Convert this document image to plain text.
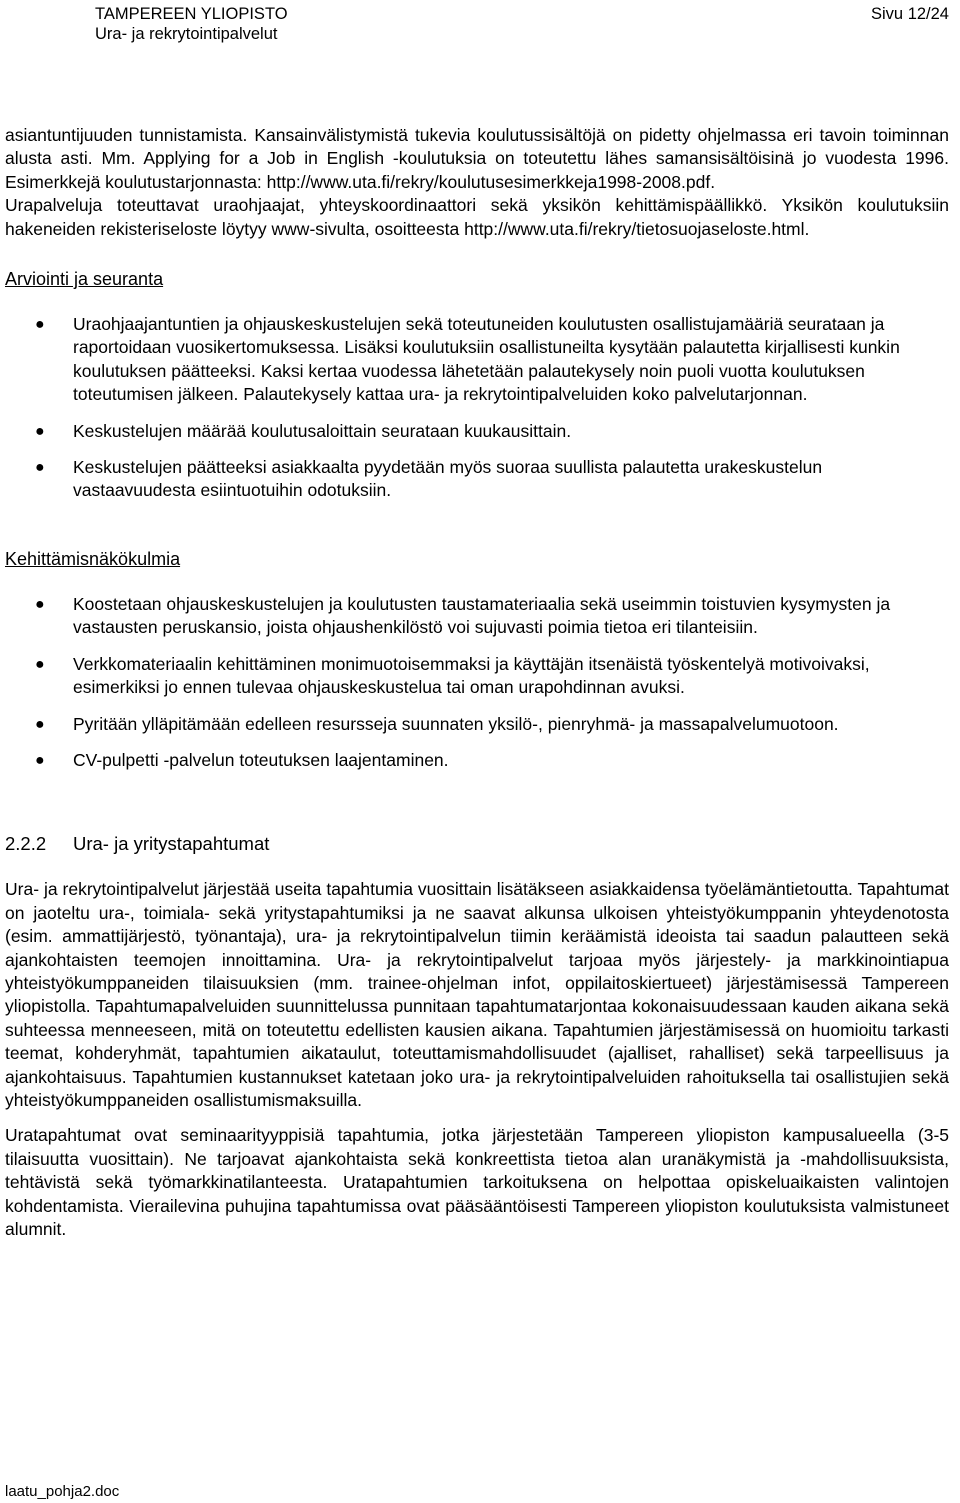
TAMPEREEN YLIOPISTO
Ura- ja rekrytointipalvelut
Sivu 12/24

asiantuntijuuden tunnistamista. Kansainvälistymistä tukevia koulutussisältöjä on pidetty ohjelmassa eri tavoin toiminnan alusta asti. Mm. Applying for a Job in English -koulutuksia on toteutettu lähes samansisältöisinä jo vuodesta 1996. Esimerkkejä koulutustarjonnasta: http://www.uta.fi/rekry/koulutusesimerkkeja1998-2008.pdf.

Urapalveluja toteuttavat uraohjaajat, yhteyskoordinaattori sekä yksikön kehittämispäällikkö. Yksikön koulutuksiin hakeneiden rekisteriseloste löytyy www-sivulta, osoitteesta http://www.uta.fi/rekry/tietosuojaseloste.html.

Arviointi ja seuranta
● Uraohjaajantuntien ja ohjauskeskustelujen sekä toteutuneiden koulutusten osallistujamääriä seurataan ja raportoidaan vuosikertomuksessa. Lisäksi koulutuksiin osallistuneilta kysytään palautetta kirjallisesti kunkin koulutuksen päätteeksi. Kaksi kertaa vuodessa lähetetään palautekysely noin puoli vuotta koulutuksen toteutumisen jälkeen. Palautekysely kattaa ura- ja rekrytointipalveluiden koko palvelutarjonnan.
● Keskustelujen määrää koulutusaloittain seurataan kuukausittain.
● Keskustelujen päätteeksi asiakkaalta pyydetään myös suoraa suullista palautetta urakeskustelun vastaavuudesta esiintuotuihin odotuksiin.
Kehittämisnäkökulmia
● Koostetaan ohjauskeskustelujen ja koulutusten taustamateriaalia sekä useimmin toistuvien kysymysten ja vastausten peruskansio, joista ohjaushenkilöstö voi sujuvasti poimia tietoa eri tilanteisiin.
● Verkkomateriaalin kehittäminen monimuotoisemmaksi ja käyttäjän itsenäistä työskentelyä motivoivaksi, esimerkiksi jo ennen tulevaa ohjauskeskustelua tai oman urapohdinnan avuksi.
● Pyritään ylläpitämään edelleen resursseja suunnaten yksilö-, pienryhmä- ja massapalvelumuotoon.
● CV-pulpetti -palvelun toteutuksen laajentaminen.
2.2.2 Ura- ja yritystapahtumat

Ura- ja rekrytointipalvelut järjestää useita tapahtumia vuosittain lisätäkseen asiakkaidensa työelämäntietoutta. Tapahtumat on jaoteltu ura-, toimiala- sekä yritystapahtumiksi ja ne saavat alkunsa ulkoisen yhteistyökumppanin yhteydenotosta (esim. ammattijärjestö, työnantaja), ura- ja rekrytointipalvelun tiimin keräämistä ideoista tai saadun palautteen sekä ajankohtaisten teemojen innoittamina. Ura- ja rekrytointipalvelut tarjoaa myös järjestely- ja markkinointiapua yhteistyökumppaneiden tilaisuuksien (mm. trainee-ohjelman infot, oppilaitoskiertueet) järjestämisessä Tampereen yliopistolla. Tapahtumapalveluiden suunnittelussa punnitaan tapahtumatarjontaa kokonaisuudessaan kauden aikana sekä suhteessa menneeseen, mitä on toteutettu edellisten kausien aikana. Tapahtumien järjestämisessä on huomioitu tarkasti teemat, kohderyhmät, tapahtumien aikataulut, toteuttamismahdollisuudet (ajalliset, rahalliset) sekä tarpeellisuus ja ajankohtaisuus. Tapahtumien kustannukset katetaan joko ura- ja rekrytointipalveluiden rahoituksella tai osallistujien sekä yhteistyökumppaneiden osallistumismaksuilla.

Uratapahtumat ovat seminaarityyppisiä tapahtumia, jotka järjestetään Tampereen yliopiston kampusalueella (3-5 tilaisuutta vuosittain). Ne tarjoavat ajankohtaista sekä konkreettista tietoa alan uranäkymistä ja -mahdollisuuksista, tehtävistä sekä työmarkkinatilanteesta. Uratapahtumien tarkoituksena on helpottaa opiskeluaikaisten valintojen kohdentamista. Vierailevina puhujina tapahtumissa ovat pääsääntöisesti Tampereen yliopiston koulutuksista valmistuneet alumnit.

laatu_pohja2.doc
